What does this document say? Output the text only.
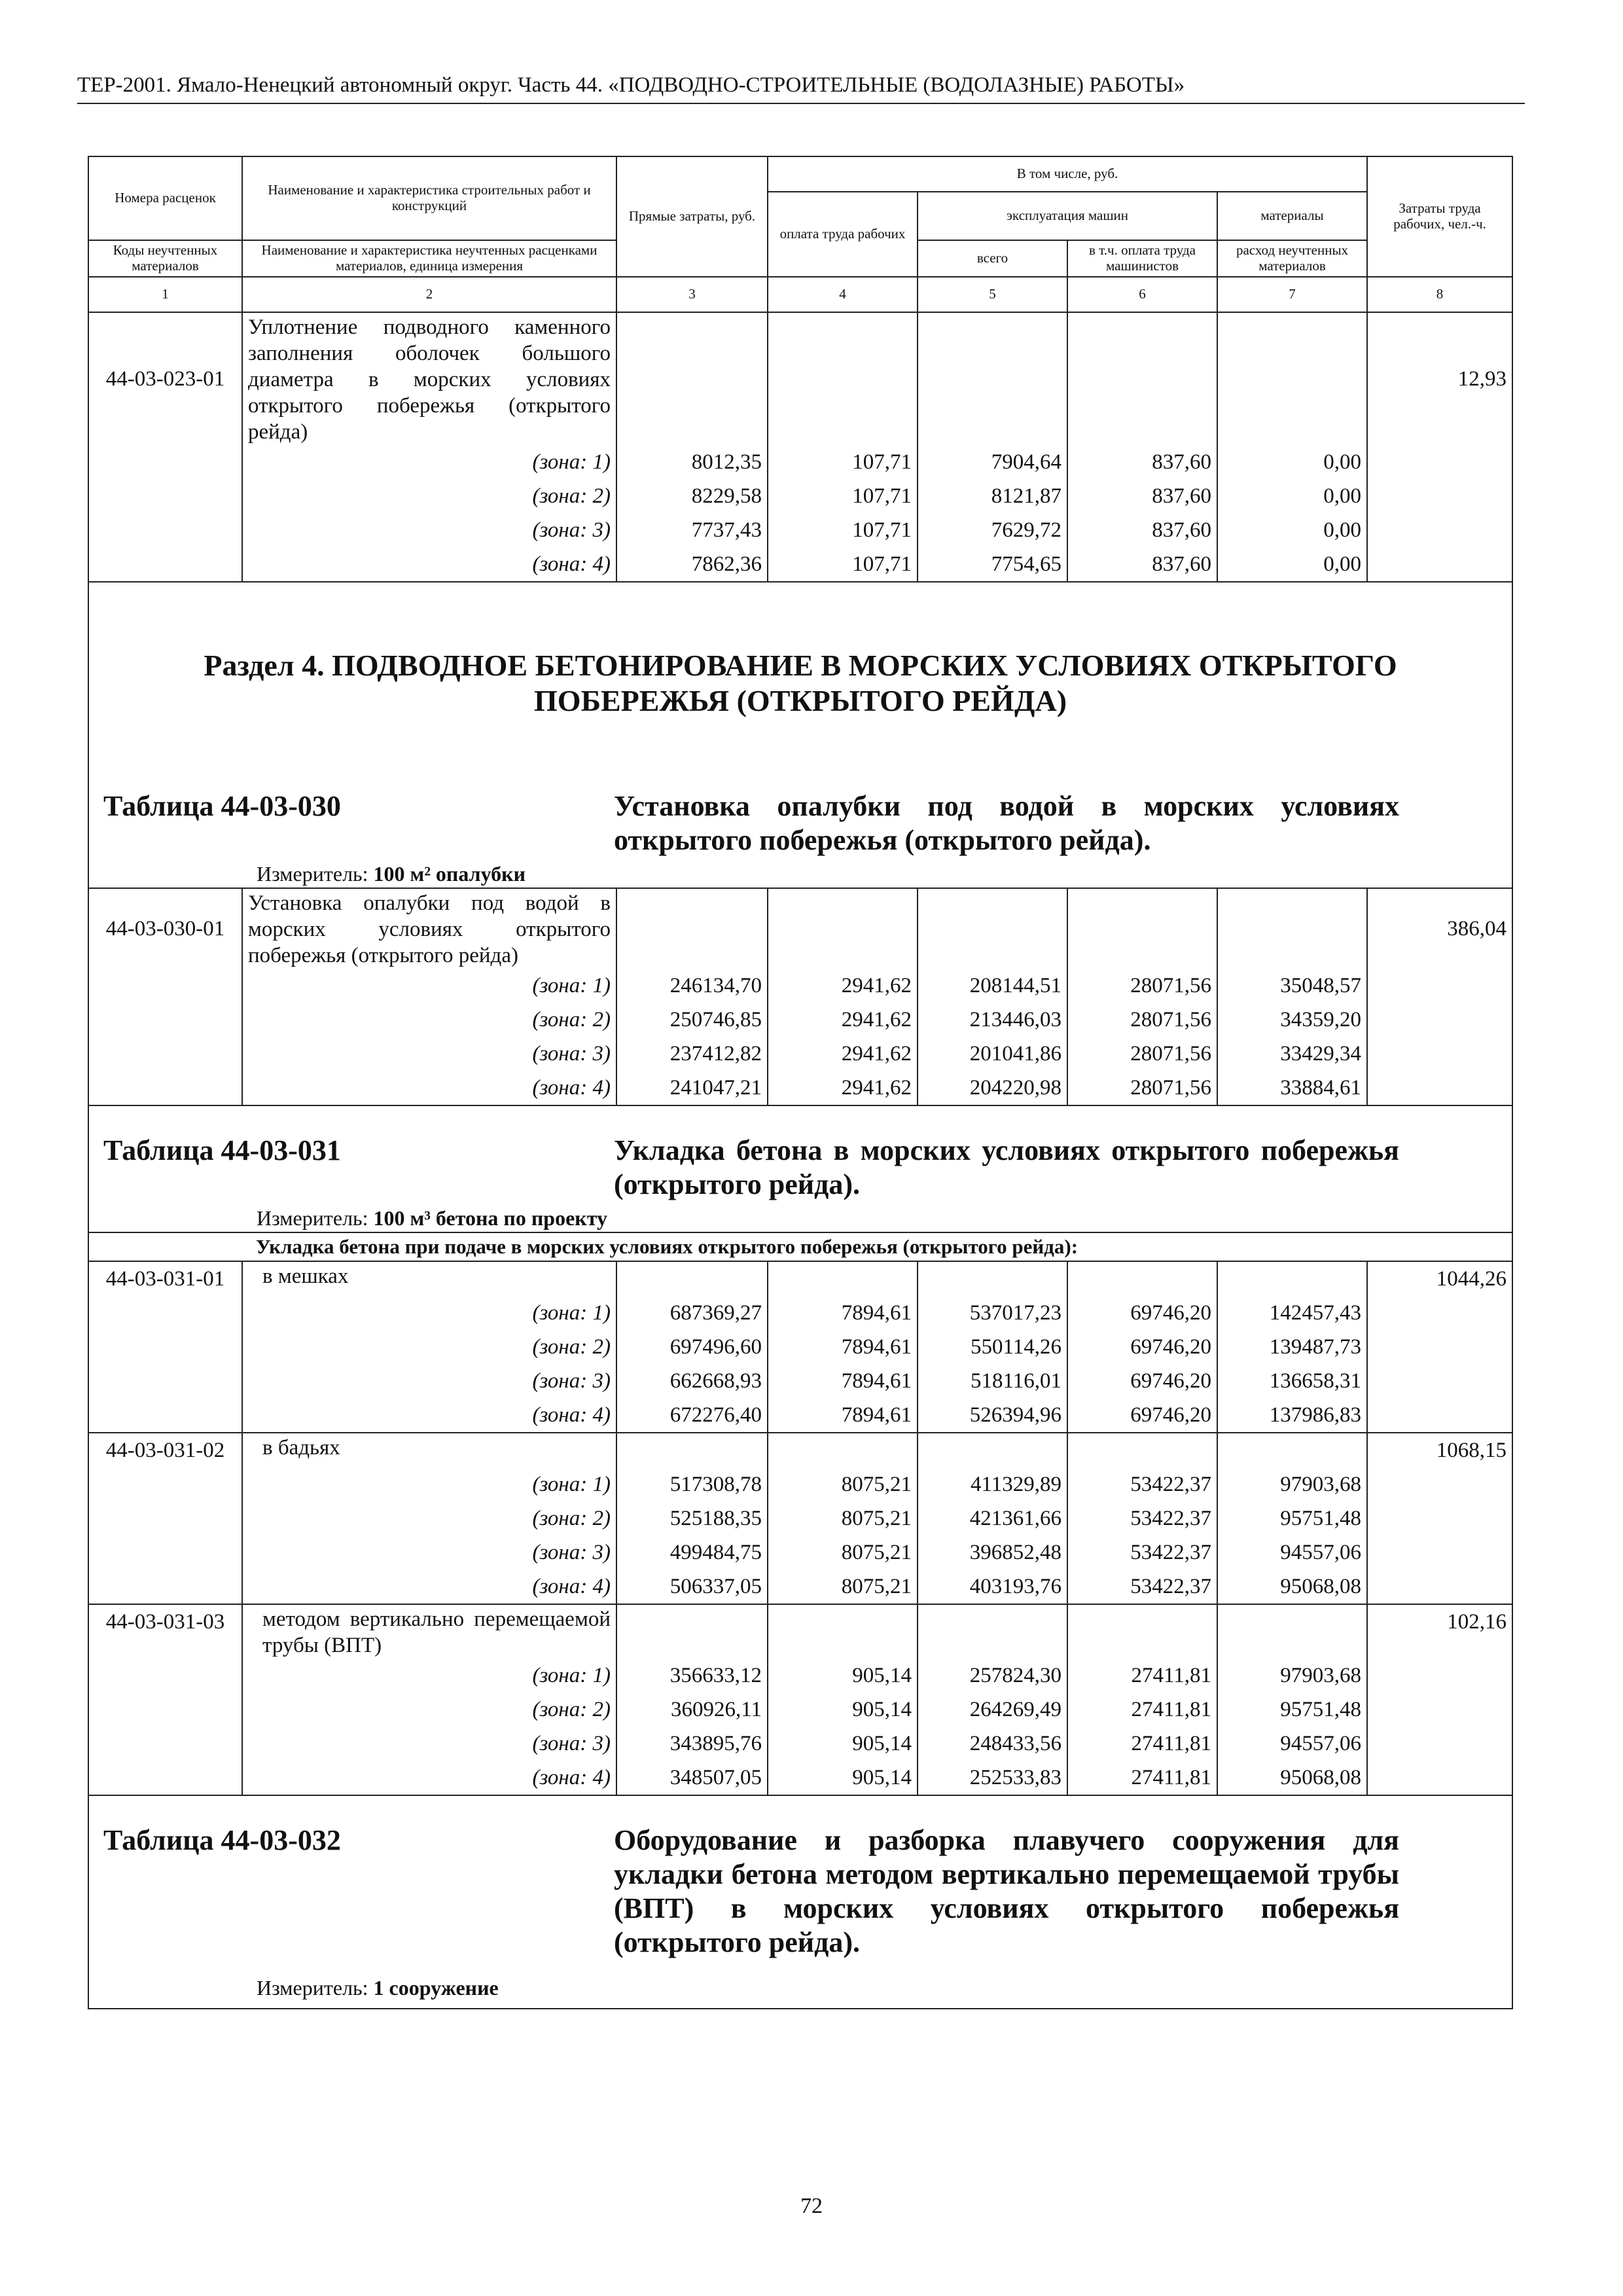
ТЕР-2001. Ямало-Ненецкий автономный округ. Часть 44. «ПОДВОДНО-СТРОИТЕЛЬНЫЕ (ВОДОЛАЗНЫЕ) РАБОТЫ»
Номера расценок	Наименование и характеристика строительных работ и конструкций	Прямые затраты, руб.	В том числе, руб.				Затраты труда рабочих, чел.-ч.
			оплата труда рабочих	эксплуатация машин		материалы	
Коды неучтенных материалов	Наименование и характеристика неучтенных расценками материалов, единица измерения			всего	в т.ч. оплата труда машинистов	расход неучтенных материалов	

1	2	3	4	5	6	7	8
44-03-023-01	Уплотнение подводного каменного заполнения оболочек большого диаметра в морских условиях открытого побережья (открытого рейда)						12,93
	(зона: 1)	8012,35	107,71	7904,64	837,60	0,00	
	(зона: 2)	8229,58	107,71	8121,87	837,60	0,00	
	(зона: 3)	7737,43	107,71	7629,72	837,60	0,00	
	(зона: 4)	7862,36	107,71	7754,65	837,60	0,00	

Раздел 4. ПОДВОДНОЕ БЕТОНИРОВАНИЕ В МОРСКИХ УСЛОВИЯХ ОТКРЫТОГО
ПОБЕРЕЖЬЯ (ОТКРЫТОГО РЕЙДА)							

Таблица 44-03-030 Установка опалубки под водой в морских условиях открытого побережья (открытого рейда).
Измеритель: 100 м² опалубки							

44-03-030-01	Установка опалубки под водой в морских условиях открытого побережья (открытого рейда)						386,04
	(зона: 1)	246134,70	2941,62	208144,51	28071,56	35048,57	
	(зона: 2)	250746,85	2941,62	213446,03	28071,56	34359,20	
	(зона: 3)	237412,82	2941,62	201041,86	28071,56	33429,34	
	(зона: 4)	241047,21	2941,62	204220,98	28071,56	33884,61	

Таблица 44-03-031 Укладка бетона в морских условиях открытого побережья (открытого рейда).
Измеритель: 100 м³ бетона по проекту							

Укладка бетона при подаче в морских условиях открытого побережья (открытого рейда):							
44-03-031-01	в мешках						1044,26
	(зона: 1)	687369,27	7894,61	537017,23	69746,20	142457,43	
	(зона: 2)	697496,60	7894,61	550114,26	69746,20	139487,73	
	(зона: 3)	662668,93	7894,61	518116,01	69746,20	136658,31	
	(зона: 4)	672276,40	7894,61	526394,96	69746,20	137986,83	
44-03-031-02	в бадьях						1068,15
	(зона: 1)	517308,78	8075,21	411329,89	53422,37	97903,68	
	(зона: 2)	525188,35	8075,21	421361,66	53422,37	95751,48	
	(зона: 3)	499484,75	8075,21	396852,48	53422,37	94557,06	
	(зона: 4)	506337,05	8075,21	403193,76	53422,37	95068,08	
44-03-031-03	методом вертикально перемещаемой трубы (ВПТ)						102,16
	(зона: 1)	356633,12	905,14	257824,30	27411,81	97903,68	
	(зона: 2)	360926,11	905,14	264269,49	27411,81	95751,48	
	(зона: 3)	343895,76	905,14	248433,56	27411,81	94557,06	
	(зона: 4)	348507,05	905,14	252533,83	27411,81	95068,08	

Таблица 44-03-032 Оборудование и разборка плавучего сооружения для укладки бетона методом вертикально перемещаемой трубы (ВПТ) в морских условиях открытого побережья (открытого рейда).
Измеритель: 1 сооружение							
72
